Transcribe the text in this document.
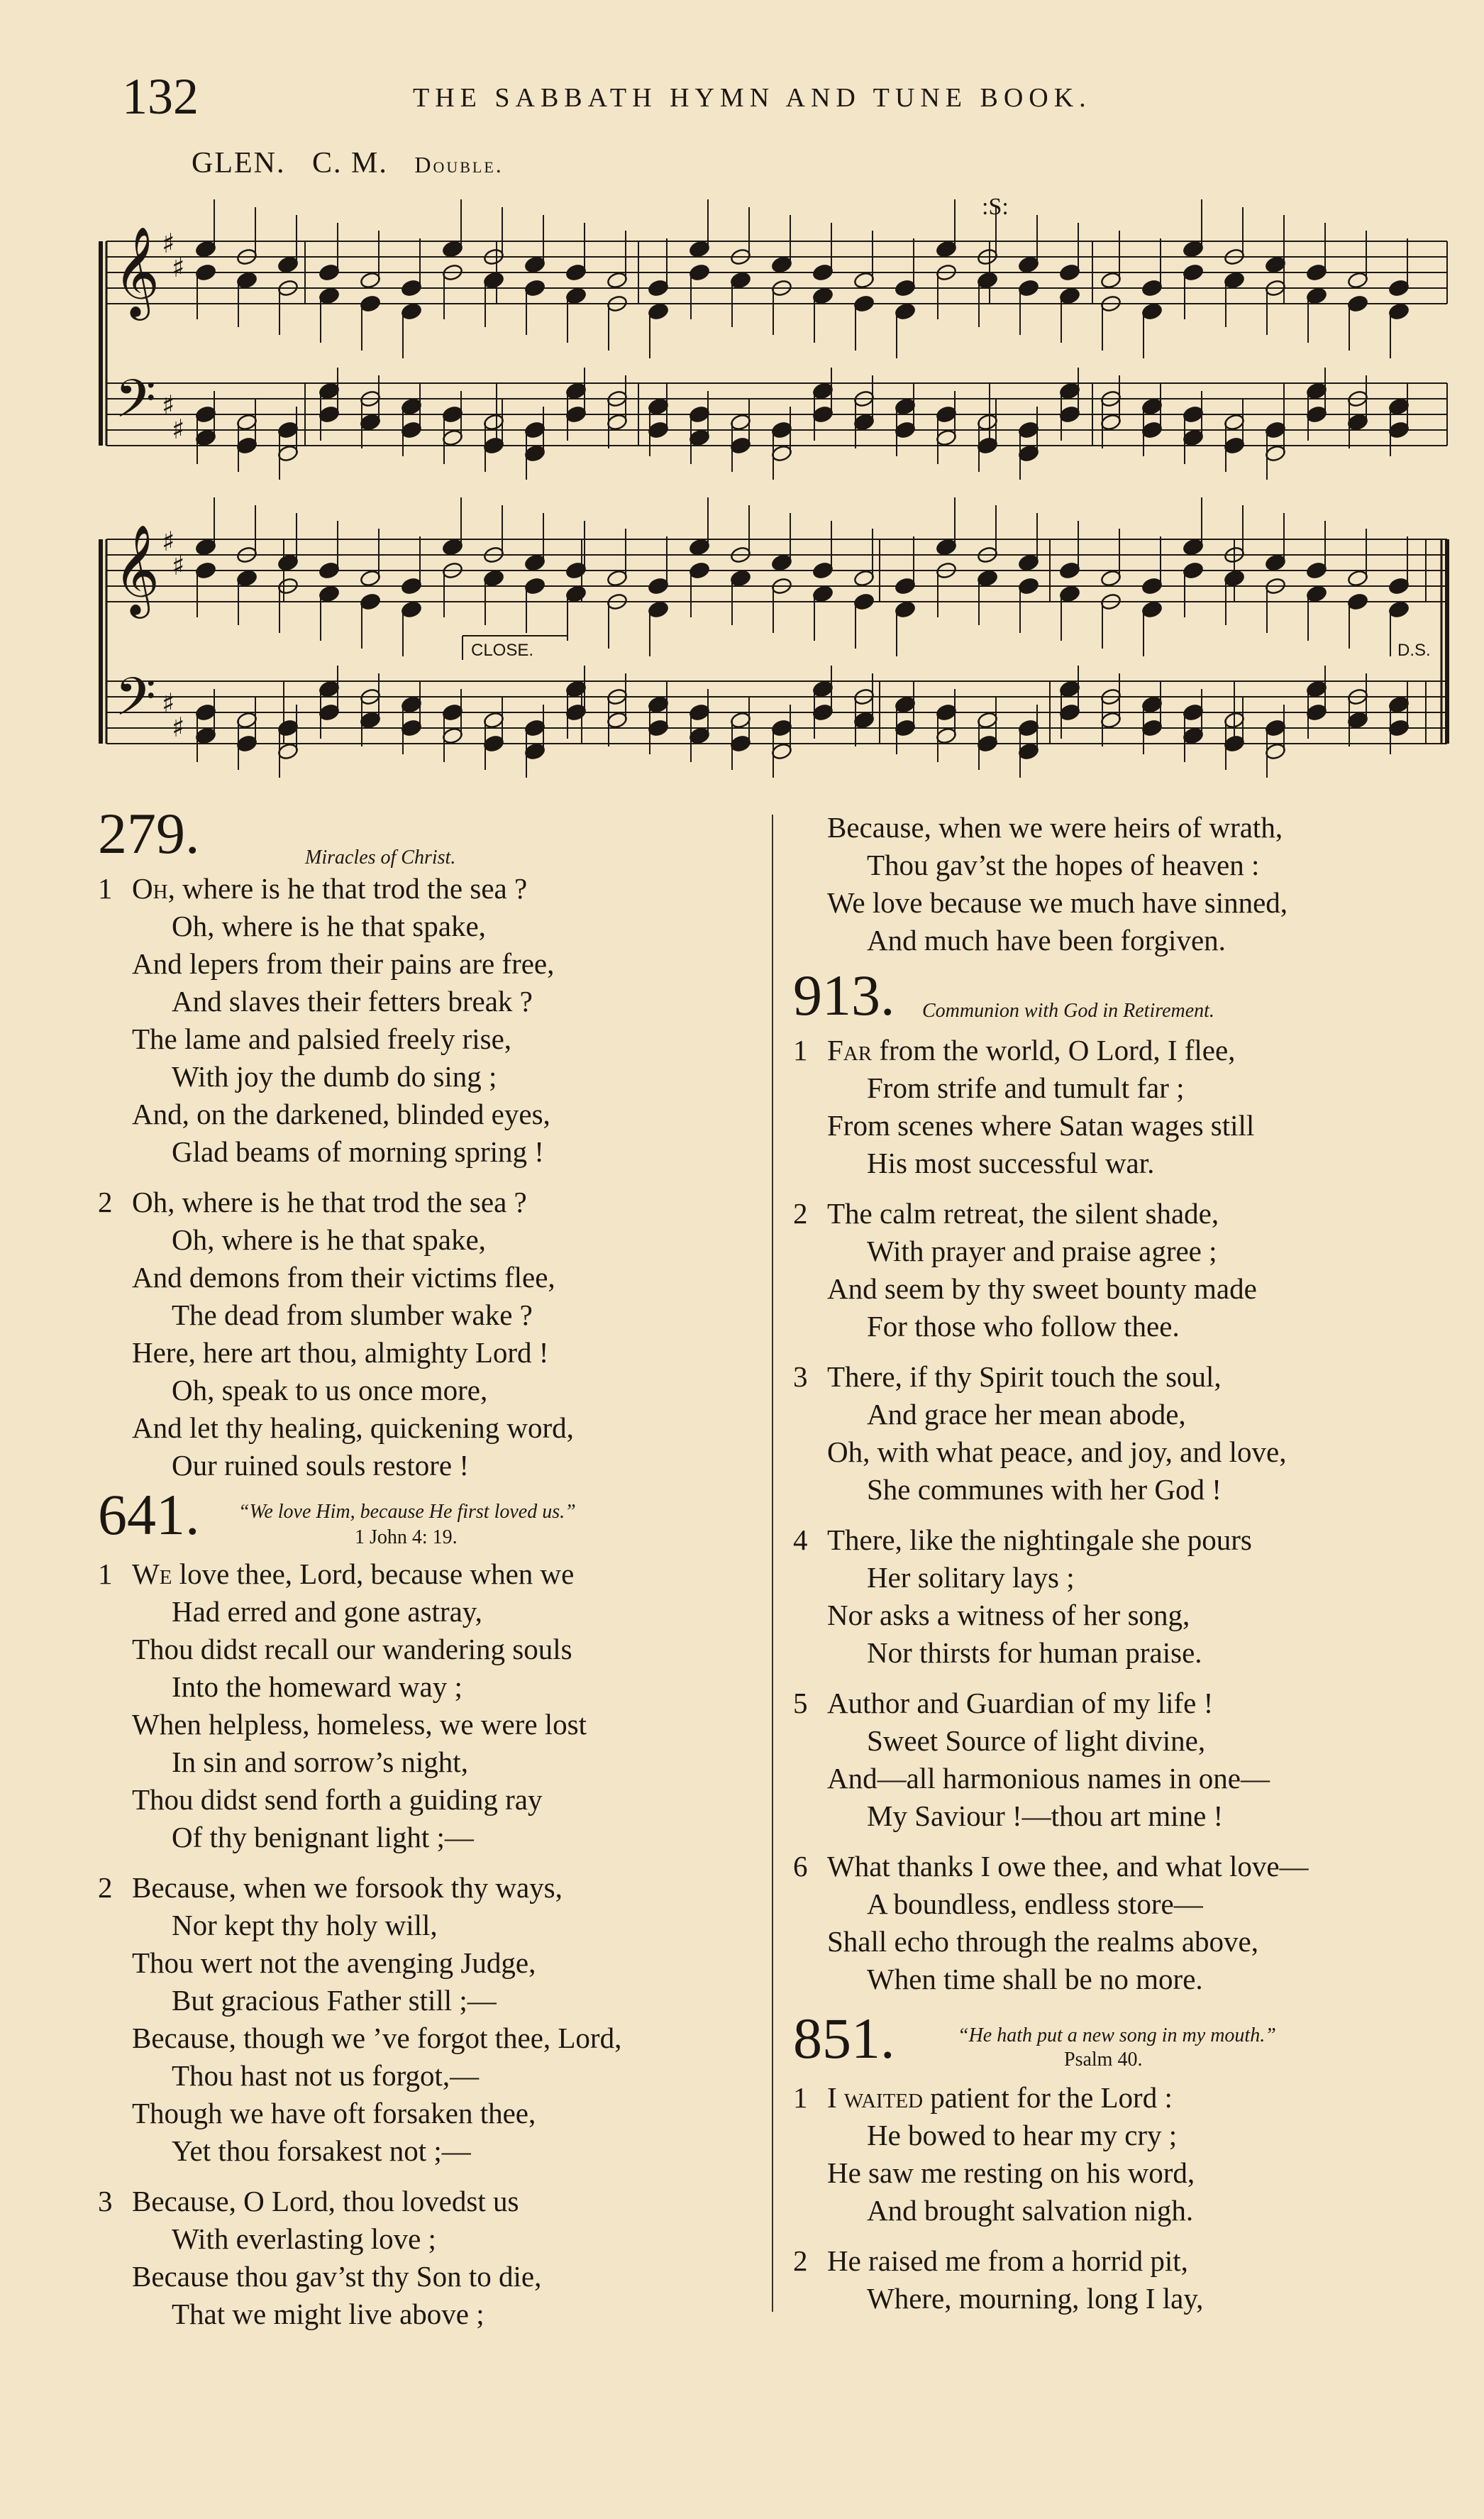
132	THE SABBATH HYMN AND TUNE BOOK.
GLEN. C. M. Double.
𝄞
𝄢
♯
♯
♯
♯
𝄞
𝄢
♯
♯
♯
♯
:S:
CLOSE.	D.S.
279.	Miracles of Christ.
1 Oh, where is he that trod the sea ?
Oh, where is he that spake,
And lepers from their pains are free,
And slaves their fetters break ?
The lame and palsied freely rise,
With joy the dumb do sing ;
And, on the darkened, blinded eyes,
Glad beams of morning spring !
2 Oh, where is he that trod the sea ?
Oh, where is he that spake,
And demons from their victims flee,
The dead from slumber wake ?
Here, here art thou, almighty Lord !
Oh, speak to us once more,
And let thy healing, quickening word,
Our ruined souls restore !
641. “We love Him, because He first loved us.”
1 John 4: 19.
1 We love thee, Lord, because when we
Had erred and gone astray,
Thou didst recall our wandering souls
Into the homeward way ;
When helpless, homeless, we were lost
In sin and sorrow’s night,
Thou didst send forth a guiding ray
Of thy benignant light ;—
2 Because, when we forsook thy ways,
Nor kept thy holy will,
Thou wert not the avenging Judge,
But gracious Father still ;—
Because, though we ’ve forgot thee, Lord,
Thou hast not us forgot,—
Though we have oft forsaken thee,
Yet thou forsakest not ;—
3 Because, O Lord, thou lovedst us
With everlasting love ;
Because thou gav’st thy Son to die,
That we might live above ;
Because, when we were heirs of wrath,
Thou gav’st the hopes of heaven :
We love because we much have sinned,
And much have been forgiven.
913. Communion with God in Retirement.
1 Far from the world, O Lord, I flee,
From strife and tumult far ;
From scenes where Satan wages still
His most successful war.
2 The calm retreat, the silent shade,
With prayer and praise agree ;
And seem by thy sweet bounty made
For those who follow thee.
3 There, if thy Spirit touch the soul,
And grace her mean abode,
Oh, with what peace, and joy, and love,
She communes with her God !
4 There, like the nightingale she pours
Her solitary lays ;
Nor asks a witness of her song,
Nor thirsts for human praise.
5 Author and Guardian of my life !
Sweet Source of light divine,
And—all harmonious names in one—
My Saviour !—thou art mine !
6 What thanks I owe thee, and what love—
A boundless, endless store—
Shall echo through the realms above,
When time shall be no more.
851.	“He hath put a new song in my mouth.”
Psalm 40.
1 I waited patient for the Lord :
He bowed to hear my cry ;
He saw me resting on his word,
And brought salvation nigh.
2 He raised me from a horrid pit,
Where, mourning, long I lay,
